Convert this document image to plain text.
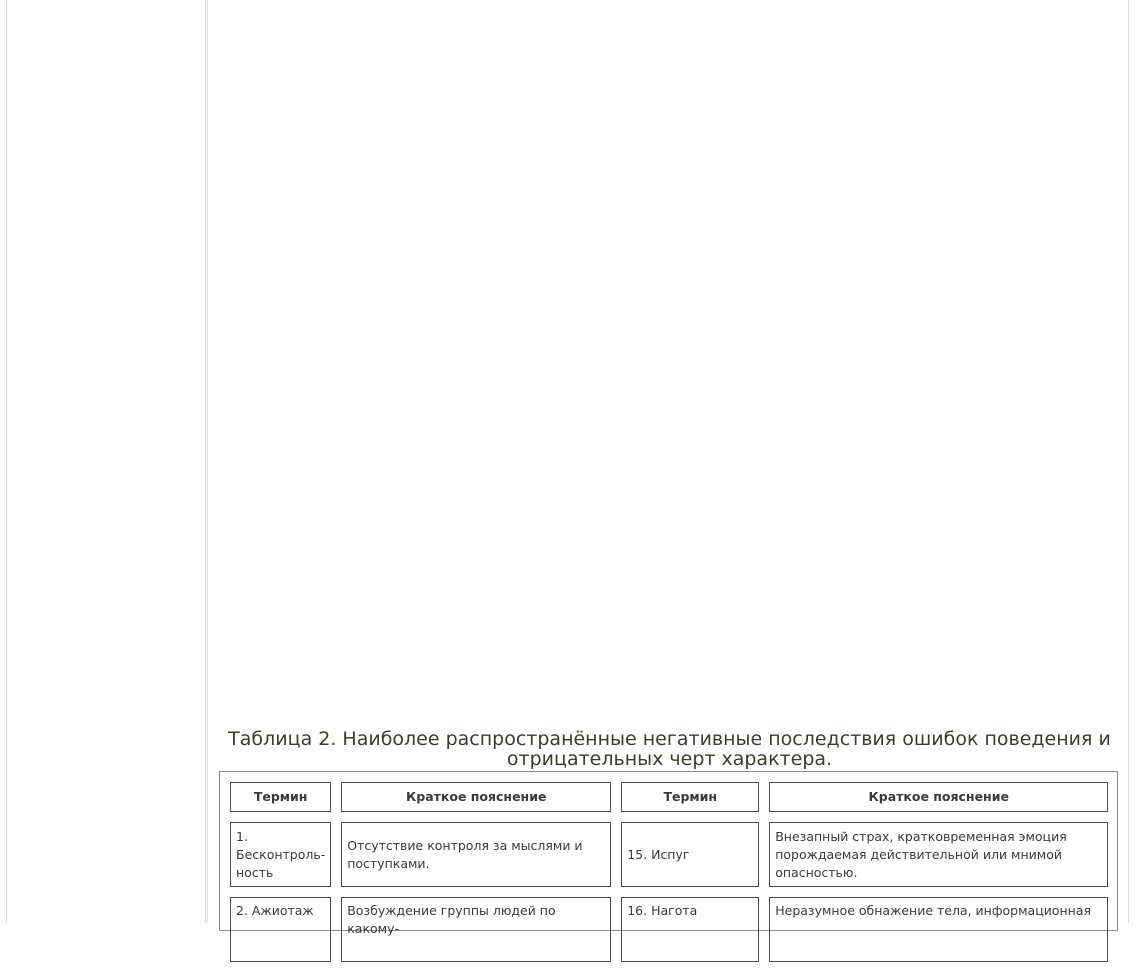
Таблица 2. Наиболее распространённые негативные последствия ошибок поведения и отрицательных черт характера.
Термин	Краткое пояснение	Термин	Краткое пояснение
1. Бесконтроль-ность	Отсутствие контроля за мыслями и поступками.	15. Испуг	Внезапный страх, кратковременная эмоция порождаемая действительной или мнимой опасностью.
2. Ажиотаж	Возбуждение группы людей по какому-	16. Нагота	Неразумное обнажение тела, информационная
